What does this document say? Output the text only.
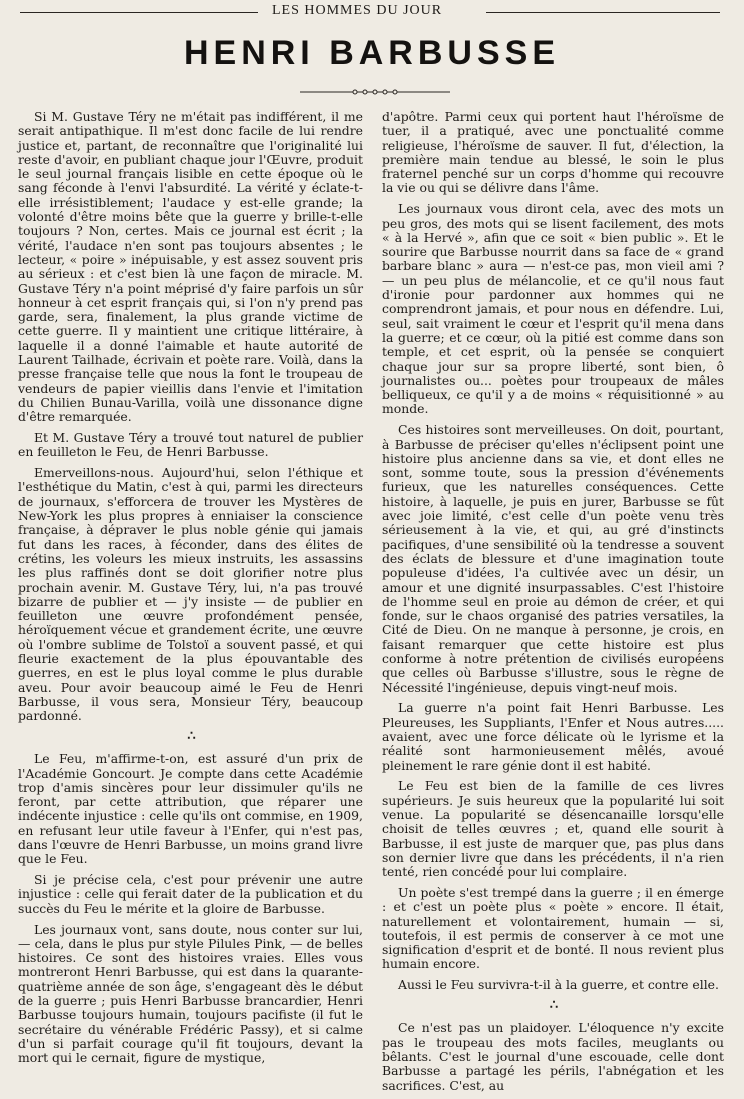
LES HOMMES DU JOUR
HENRI BARBUSSE

Si M. Gustave Téry ne m'était pas indifférent, il me serait antipathique. Il m'est donc facile de lui rendre justice et, partant, de reconnaître que l'originalité lui reste d'avoir, en publiant chaque jour l'Œuvre, produit le seul journal français lisible en cette époque où le sang féconde à l'envi l'absurdité. La vérité y éclate-t-elle irrésistiblement; l'audace y est-elle grande; la volonté d'être moins bête que la guerre y brille-t-elle toujours ? Non, certes. Mais ce journal est écrit ; la vérité, l'audace n'en sont pas toujours absentes ; le lecteur, « poire » inépuisable, y est assez souvent pris au sérieux : et c'est bien là une façon de miracle. M. Gustave Téry n'a point méprisé d'y faire parfois un sûr honneur à cet esprit français qui, si l'on n'y prend pas garde, sera, finalement, la plus grande victime de cette guerre. Il y maintient une critique littéraire, à laquelle il a donné l'aimable et haute autorité de Laurent Tailhade, écrivain et poète rare. Voilà, dans la presse française telle que nous la font le troupeau de vendeurs de papier vieillis dans l'envie et l'imitation du Chilien Bunau-Varilla, voilà une dissonance digne d'être remarquée.

Et M. Gustave Téry a trouvé tout naturel de publier en feuilleton le Feu, de Henri Barbusse.

Emerveillons-nous. Aujourd'hui, selon l'éthique et l'esthétique du Matin, c'est à qui, parmi les directeurs de journaux, s'efforcera de trouver les Mystères de New-York les plus propres à enniaiser la conscience française, à dépraver le plus noble génie qui jamais fut dans les races, à féconder, dans des élites de crétins, les voleurs les mieux instruits, les assassins les plus raffinés dont se doit glorifier notre plus prochain avenir. M. Gustave Téry, lui, n'a pas trouvé bizarre de publier et — j'y insiste — de publier en feuilleton une œuvre profondément pensée, héroïquement vécue et grandement écrite, une œuvre où l'ombre sublime de Tolstoï a souvent passé, et qui fleurie exactement de la plus épouvantable des guerres, en est le plus loyal comme le plus durable aveu. Pour avoir beaucoup aimé le Feu de Henri Barbusse, il vous sera, Monsieur Téry, beaucoup pardonné.

∴

Le Feu, m'affirme-t-on, est assuré d'un prix de l'Académie Goncourt. Je compte dans cette Académie trop d'amis sincères pour leur dissimuler qu'ils ne feront, par cette attribution, que réparer une indécente injustice : celle qu'ils ont commise, en 1909, en refusant leur utile faveur à l'Enfer, qui n'est pas, dans l'œuvre de Henri Barbusse, un moins grand livre que le Feu.

Si je précise cela, c'est pour prévenir une autre injustice : celle qui ferait dater de la publication et du succès du Feu le mérite et la gloire de Barbusse.

Les journaux vont, sans doute, nous conter sur lui, — cela, dans le plus pur style Pilules Pink, — de belles histoires. Ce sont des histoires vraies. Elles vous montreront Henri Barbusse, qui est dans la quarante-quatrième année de son âge, s'engageant dès le début de la guerre ; puis Henri Barbusse brancardier, Henri Barbusse toujours humain, toujours pacifiste (il fut le secrétaire du vénérable Frédéric Passy), et si calme d'un si parfait courage qu'il fit toujours, devant la mort qui le cernait, figure de mystique,

d'apôtre. Parmi ceux qui portent haut l'héroïsme de tuer, il a pratiqué, avec une ponctualité comme religieuse, l'héroïsme de sauver. Il fut, d'élection, la première main tendue au blessé, le soin le plus fraternel penché sur un corps d'homme qui recouvre la vie ou qui se délivre dans l'âme.

Les journaux vous diront cela, avec des mots un peu gros, des mots qui se lisent facilement, des mots « à la Hervé », afin que ce soit « bien public ». Et le sourire que Barbusse nourrit dans sa face de « grand barbare blanc » aura — n'est-ce pas, mon vieil ami ? — un peu plus de mélancolie, et ce qu'il nous faut d'ironie pour pardonner aux hommes qui ne comprendront jamais, et pour nous en défendre. Lui, seul, sait vraiment le cœur et l'esprit qu'il mena dans la guerre; et ce cœur, où la pitié est comme dans son temple, et cet esprit, où la pensée se conquiert chaque jour sur sa propre liberté, sont bien, ô journalistes ou... poètes pour troupeaux de mâles belliqueux, ce qu'il y a de moins « réquisitionné » au monde.

Ces histoires sont merveilleuses. On doit, pourtant, à Barbusse de préciser qu'elles n'éclipsent point une histoire plus ancienne dans sa vie, et dont elles ne sont, somme toute, sous la pression d'événements furieux, que les naturelles conséquences. Cette histoire, à laquelle, je puis en jurer, Barbusse se fût avec joie limité, c'est celle d'un poète venu très sérieusement à la vie, et qui, au gré d'instincts pacifiques, d'une sensibilité où la tendresse a souvent des éclats de blessure et d'une imagination toute populeuse d'idées, l'a cultivée avec un désir, un amour et une dignité insurpassables. C'est l'histoire de l'homme seul en proie au démon de créer, et qui fonde, sur le chaos organisé des patries versatiles, la Cité de Dieu. On ne manque à personne, je crois, en faisant remarquer que cette histoire est plus conforme à notre prétention de civilisés européens que celles où Barbusse s'illustre, sous le règne de Nécessité l'ingénieuse, depuis vingt-neuf mois.

La guerre n'a point fait Henri Barbusse. Les Pleureuses, les Suppliants, l'Enfer et Nous autres..... avaient, avec une force délicate où le lyrisme et la réalité sont harmonieusement mêlés, avoué pleinement le rare génie dont il est habité.

Le Feu est bien de la famille de ces livres supérieurs. Je suis heureux que la popularité lui soit venue. La popularité se désencanaille lorsqu'elle choisit de telles œuvres ; et, quand elle sourit à Barbusse, il est juste de marquer que, pas plus dans son dernier livre que dans les précédents, il n'a rien tenté, rien concédé pour lui complaire.

Un poète s'est trempé dans la guerre ; il en émerge : et c'est un poète plus « poète » encore. Il était, naturellement et volontairement, humain — si, toutefois, il est permis de conserver à ce mot une signification d'esprit et de bonté. Il nous revient plus humain encore.

Aussi le Feu survivra-t-il à la guerre, et contre elle.

∴

Ce n'est pas un plaidoyer. L'éloquence n'y excite pas le troupeau des mots faciles, meuglants ou bêlants. C'est le journal d'une escouade, celle dont Barbusse a partagé les périls, l'abnégation et les sacrifices. C'est, au
